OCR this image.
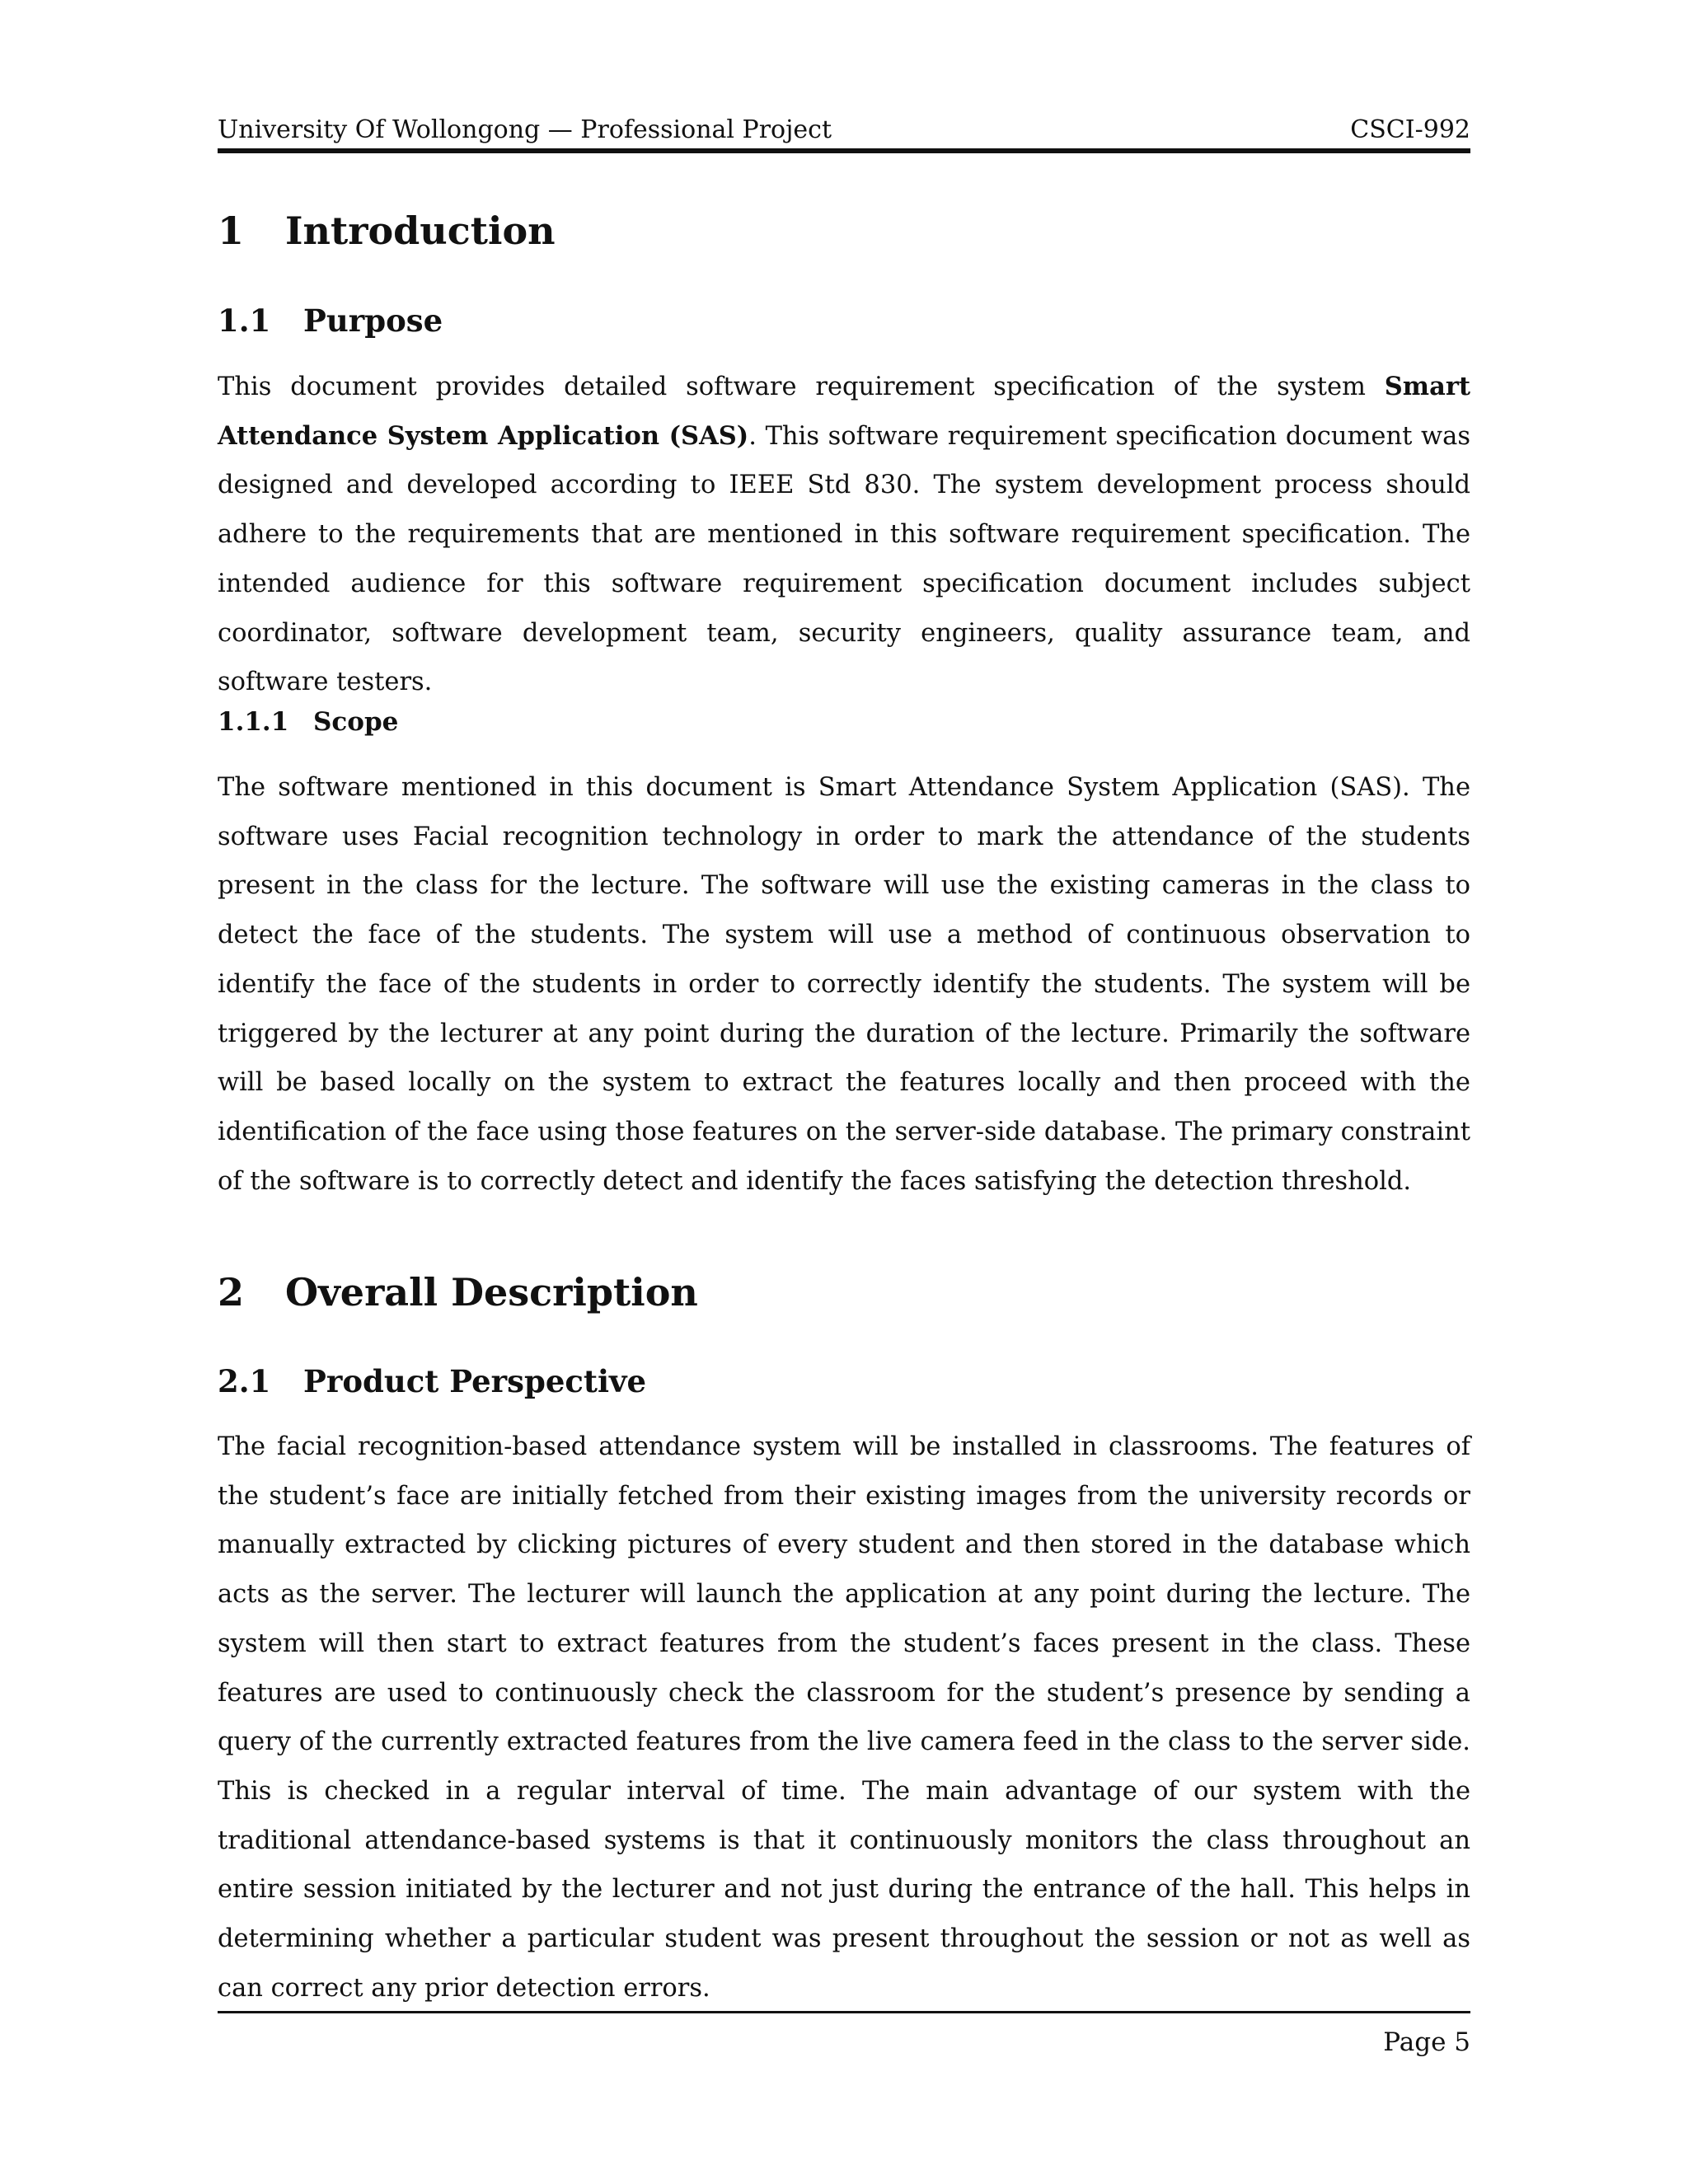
University Of Wollongong — Professional Project	CSCI-992
1 Introduction
1.1 Purpose
This document provides detailed software requirement specification of the system Smart Attendance System Application (SAS). This software requirement specification document was designed and developed according to IEEE Std 830. The system development process should adhere to the requirements that are mentioned in this software requirement specification. The intended audience for this software requirement specification document includes subject coordinator, software development team, security engineers, quality assurance team, and software testers.
1.1.1 Scope
The software mentioned in this document is Smart Attendance System Application (SAS). The software uses Facial recognition technology in order to mark the attendance of the students present in the class for the lecture. The software will use the existing cameras in the class to detect the face of the students. The system will use a method of continuous observation to identify the face of the students in order to correctly identify the students. The system will be triggered by the lecturer at any point during the duration of the lecture. Primarily the software will be based locally on the system to extract the features locally and then proceed with the identification of the face using those features on the server-side database. The primary constraint of the software is to correctly detect and identify the faces satisfying the detection threshold.
2 Overall Description
2.1 Product Perspective
The facial recognition-based attendance system will be installed in classrooms. The features of the student’s face are initially fetched from their existing images from the university records or manually extracted by clicking pictures of every student and then stored in the database which acts as the server. The lecturer will launch the application at any point during the lecture. The system will then start to extract features from the student’s faces present in the class. These features are used to continuously check the classroom for the student’s presence by sending a query of the currently extracted features from the live camera feed in the class to the server side. This is checked in a regular interval of time. The main advantage of our system with the traditional attendance-based systems is that it continuously monitors the class throughout an entire session initiated by the lecturer and not just during the entrance of the hall. This helps in determining whether a particular student was present throughout the session or not as well as can correct any prior detection errors.
Page 5
